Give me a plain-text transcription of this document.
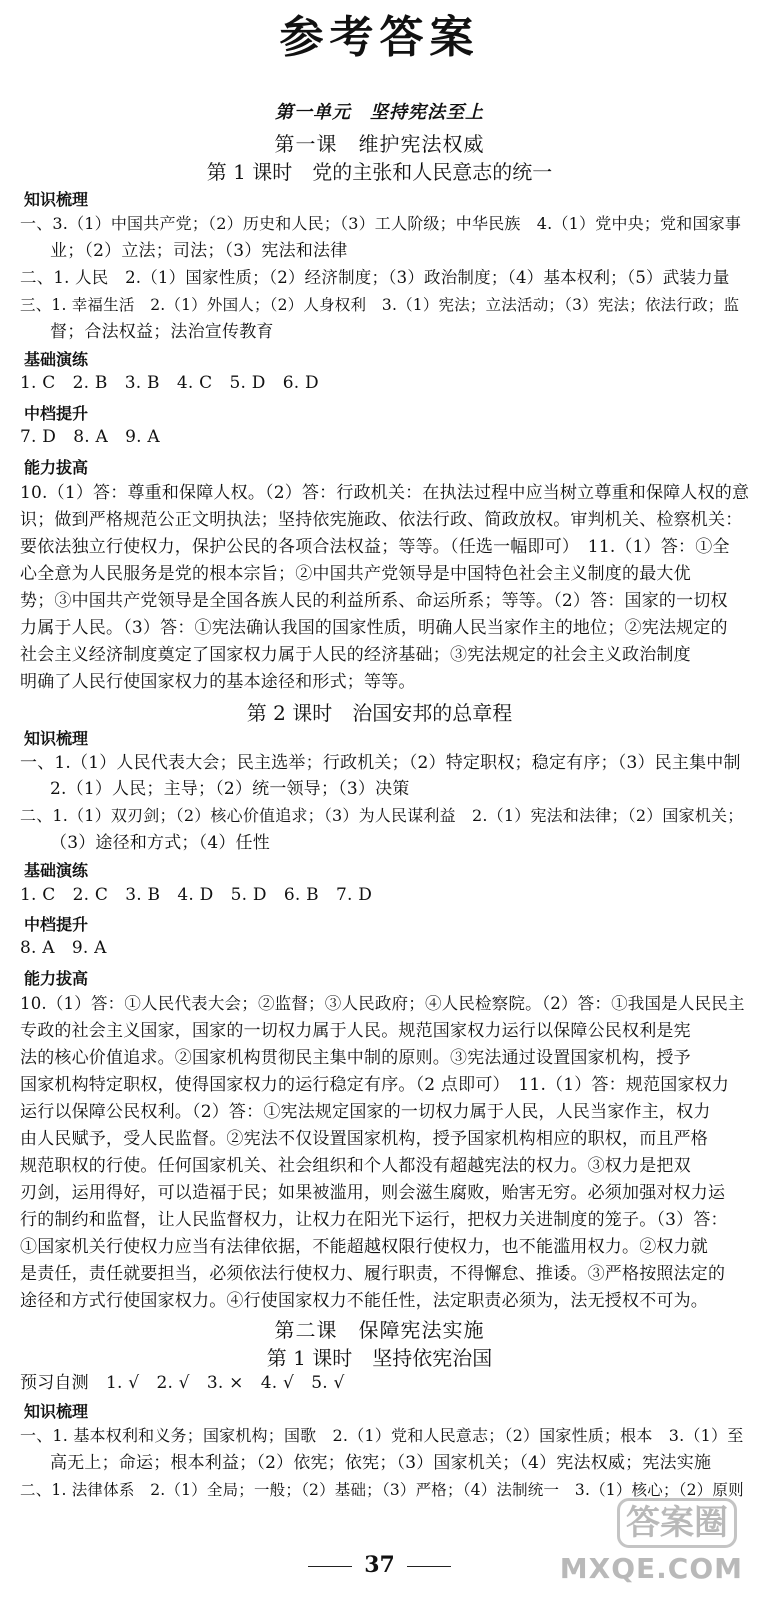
参考答案
第一单元　坚持宪法至上
第一课　维护宪法权威
第 1 课时　党的主张和人民意志的统一
知识梳理
一、3.（1）中国共产党；（2）历史和人民；（3）工人阶级；中华民族　4.（1）党中央；党和国家事
业；（2）立法；司法；（3）宪法和法律
二、1. 人民　2.（1）国家性质；（2）经济制度；（3）政治制度；（4）基本权利；（5）武装力量
三、1. 幸福生活　2.（1）外国人；（2）人身权利　3.（1）宪法；立法活动；（3）宪法；依法行政；监
督；合法权益；法治宣传教育
基础演练
1. C　2. B　3. B　4. C　5. D　6. D
中档提升
7. D　8. A　9. A
能力拔高
10.（1）答：尊重和保障人权。（2）答：行政机关：在执法过程中应当树立尊重和保障人权的意
识；做到严格规范公正文明执法；坚持依宪施政、依法行政、简政放权。审判机关、检察机关：
要依法独立行使权力，保护公民的各项合法权益；等等。（任选一幅即可）　11.（1）答：①全
心全意为人民服务是党的根本宗旨；②中国共产党领导是中国特色社会主义制度的最大优
势；③中国共产党领导是全国各族人民的利益所系、命运所系；等等。（2）答：国家的一切权
力属于人民。（3）答：①宪法确认我国的国家性质，明确人民当家作主的地位；②宪法规定的
社会主义经济制度奠定了国家权力属于人民的经济基础；③宪法规定的社会主义政治制度
明确了人民行使国家权力的基本途径和形式；等等。
第 2 课时　治国安邦的总章程
知识梳理
一、1.（1）人民代表大会；民主选举；行政机关；（2）特定职权；稳定有序；（3）民主集中制
2.（1）人民；主导；（2）统一领导；（3）决策
二、1.（1）双刃剑；（2）核心价值追求；（3）为人民谋利益　2.（1）宪法和法律；（2）国家机关；
（3）途径和方式；（4）任性
基础演练
1. C　2. C　3. B　4. D　5. D　6. B　7. D
中档提升
8. A　9. A
能力拔高
10.（1）答：①人民代表大会；②监督；③人民政府；④人民检察院。（2）答：①我国是人民民主
专政的社会主义国家，国家的一切权力属于人民。规范国家权力运行以保障公民权利是宪
法的核心价值追求。②国家机构贯彻民主集中制的原则。③宪法通过设置国家机构，授予
国家机构特定职权，使得国家权力的运行稳定有序。（2 点即可）　11.（1）答：规范国家权力
运行以保障公民权利。（2）答：①宪法规定国家的一切权力属于人民，人民当家作主，权力
由人民赋予，受人民监督。②宪法不仅设置国家机构，授予国家机构相应的职权，而且严格
规范职权的行使。任何国家机关、社会组织和个人都没有超越宪法的权力。③权力是把双
刃剑，运用得好，可以造福于民；如果被滥用，则会滋生腐败，贻害无穷。必须加强对权力运
行的制约和监督，让人民监督权力，让权力在阳光下运行，把权力关进制度的笼子。（3）答：
①国家机关行使权力应当有法律依据，不能超越权限行使权力，也不能滥用权力。②权力就
是责任，责任就要担当，必须依法行使权力、履行职责，不得懈怠、推诿。③严格按照法定的
途径和方式行使国家权力。④行使国家权力不能任性，法定职责必须为，法无授权不可为。
第二课　保障宪法实施
第 1 课时　坚持依宪治国
预习自测　1. √　2. √　3. ×　4. √　5. √
知识梳理
一、1. 基本权利和义务；国家机构；国歌　2.（1）党和人民意志；（2）国家性质；根本　3.（1）至
高无上；命运；根本利益；（2）依宪；依宪；（3）国家机关；（4）宪法权威；宪法实施
二、1. 法律体系　2.（1）全局；一般；（2）基础；（3）严格；（4）法制统一　3.（1）核心；（2）原则
答案圈
MXQE.COM
37
